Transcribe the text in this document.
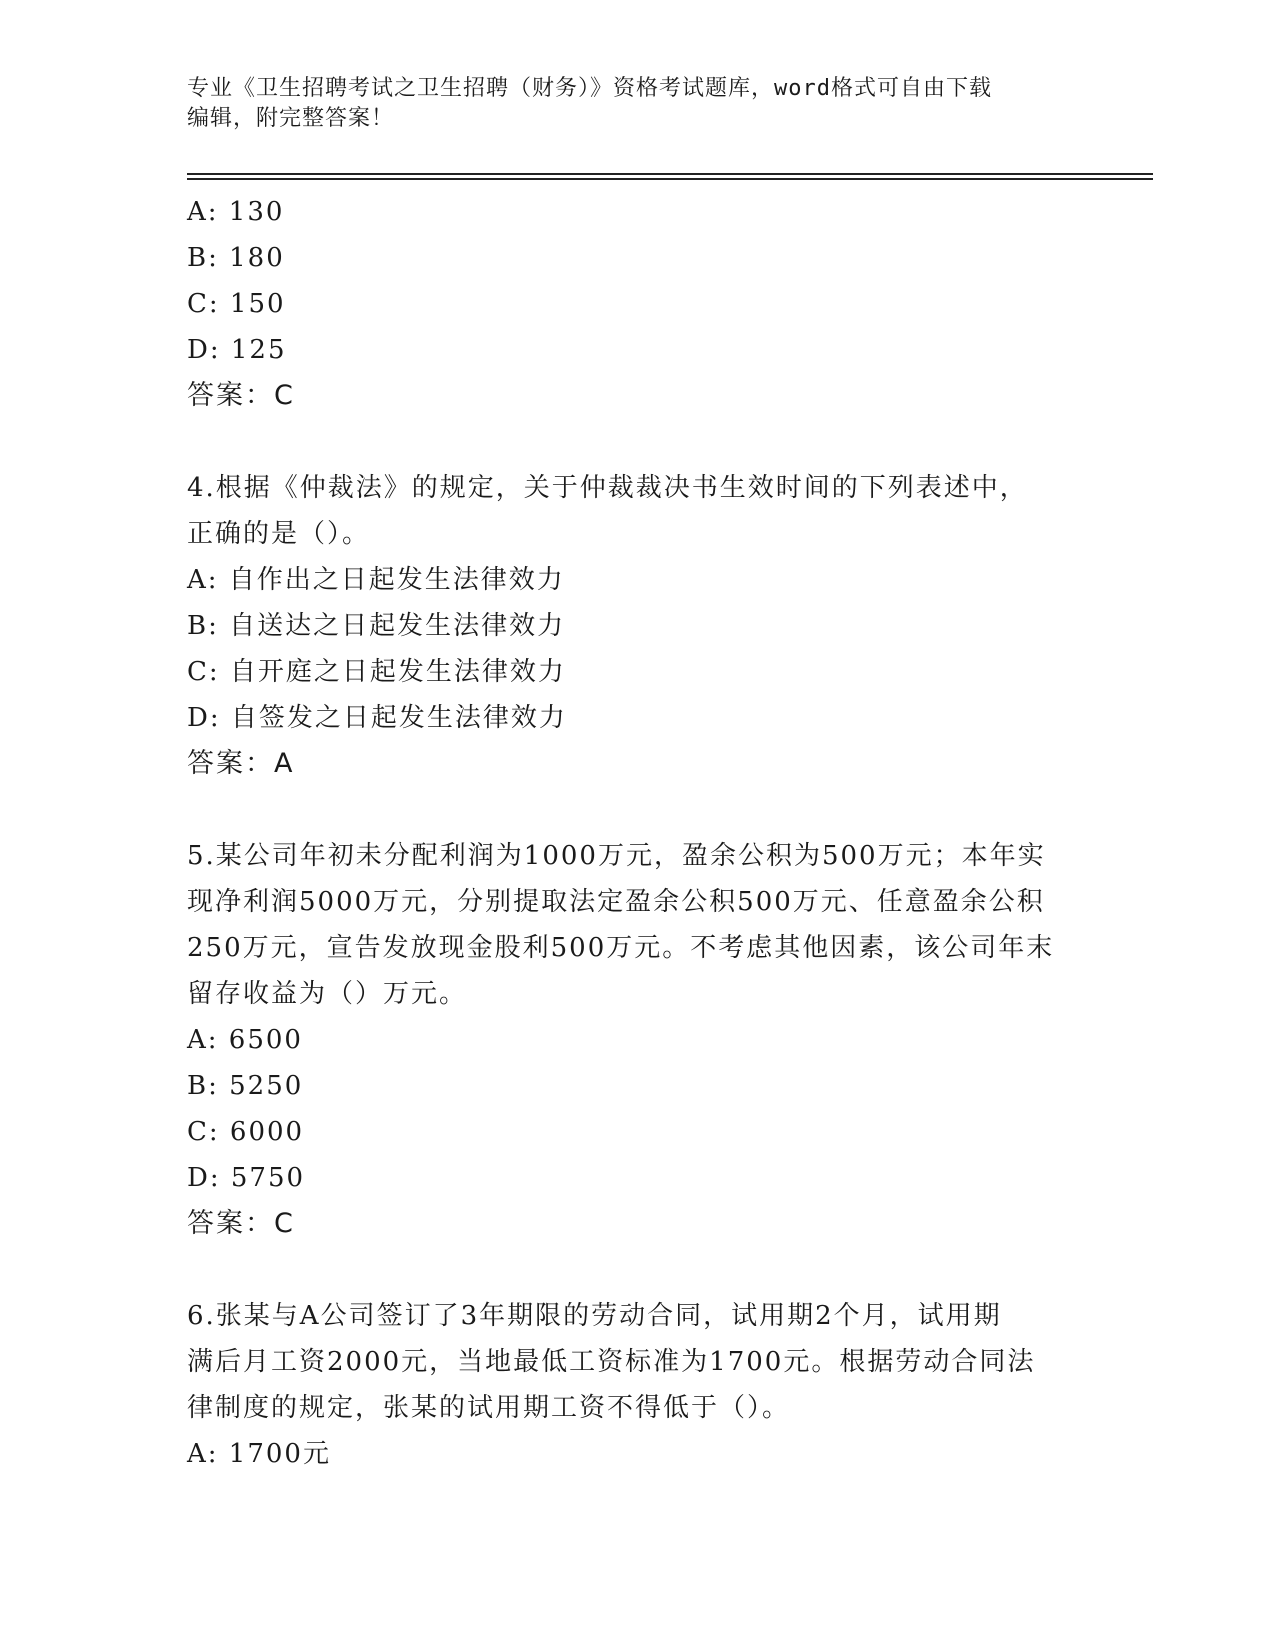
专业《卫生招聘考试之卫生招聘（财务）》资格考试题库，word格式可自由下载
编辑，附完整答案！
A: 130
B: 180
C: 150
D: 125
答案：C
4.根据《仲裁法》的规定，关于仲裁裁决书生效时间的下列表述中，
正确的是（）。
A: 自作出之日起发生法律效力
B: 自送达之日起发生法律效力
C: 自开庭之日起发生法律效力
D: 自签发之日起发生法律效力
答案：A
5.某公司年初未分配利润为1000万元，盈余公积为500万元；本年实
现净利润5000万元，分别提取法定盈余公积500万元、任意盈余公积
250万元，宣告发放现金股利500万元。不考虑其他因素，该公司年末
留存收益为（）万元。
A: 6500
B: 5250
C: 6000
D: 5750
答案：C
6.张某与A公司签订了3年期限的劳动合同，试用期2个月，试用期
满后月工资2000元，当地最低工资标准为1700元。根据劳动合同法
律制度的规定，张某的试用期工资不得低于（）。
A: 1700元
